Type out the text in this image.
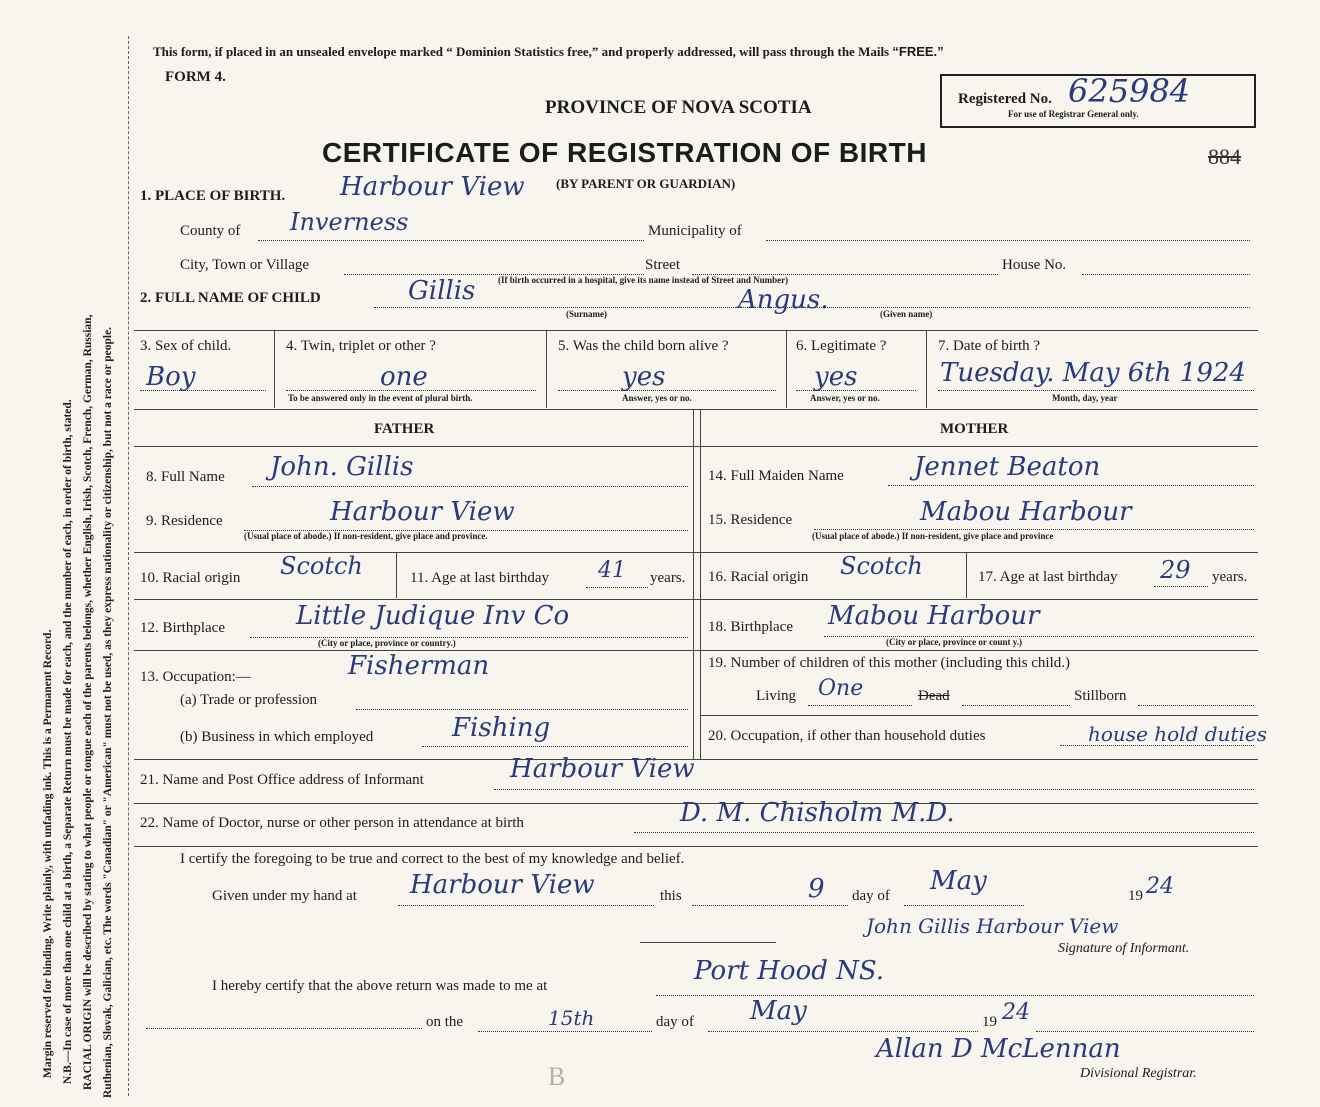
Margin reserved for binding. Write plainly, with unfading ink. This is a Permanent Record. N.B.—In case of more than one child at a birth, a Separate Return must be made for each, and the number of each, in order of birth, stated. RACIAL ORIGIN will be described by stating to what people or tongue each of the parents belongs, whether English, Irish, Scotch, French, German, Russian, Ruthenian, Slovak, Galician, etc. The words "Canadian" or "American" must not be used, as they express nationality or citizenship, but not a race or people.
This form, if placed in an unsealed envelope marked “ Dominion Statistics free,” and properly addressed, will pass through the Mails “FREE.”
FORM 4.
PROVINCE OF NOVA SCOTIA
CERTIFICATE OF REGISTRATION OF BIRTH
Registered No. 625984
For use of Registrar General only.
884
1. PLACE OF BIRTH. Harbour View (BY PARENT OR GUARDIAN)
County of Inverness	Municipality of
City, Town or Village	Street	House No.
(If birth occurred in a hospital, give its name instead of Street and Number)
2. FULL NAME OF CHILD	Gillis	Angus.
(Surname)	(Given name)
3. Sex of child.
Boy
4. Twin, triplet or other ?
one
To be answered only in the event of plural birth.
5. Was the child born alive ?
yes
Answer, yes or no.
6. Legitimate ?
yes
Answer, yes or no.
7. Date of birth ?
Tuesday. May 6th 1924
Month, day, year
FATHER	MOTHER
8. Full Name John. Gillis	14. Full Maiden Name	Jennet Beaton
9. Residence	Harbour View
(Usual place of abode.) If non-resident, give place and province.
15. Residence	Mabou Harbour
(Usual place of abode.) If non-resident, give place and province
10. Racial origin Scotch	11. Age at last birthday 41 years. 16. Racial origin Scotch	17. Age at last birthday 29 years.
12. Birthplace	Little Judique Inv Co
(City or place, province or country.)
18. Birthplace Mabou Harbour
(City or place, province or count y.)
13. Occupation:—	Fisherman
(a) Trade or profession
(b) Business in which employed	Fishing
19. Number of children of this mother (including this child.)
Living One	Dead	Stillborn
20. Occupation, if other than household duties	house hold duties
21. Name and Post Office address of Informant	Harbour View
22. Name of Doctor, nurse or other person in attendance at birth	D. M. Chisholm M.D.
I certify the foregoing to be true and correct to the best of my knowledge and belief.
Given under my hand at Harbour View	this	9 day of May	19 24
John Gillis Harbour View
Signature of Informant.
I hereby certify that the above return was made to me at	Port Hood NS.
on the	15th	day of May	19 24
Allan D McLennan
Divisional Registrar.
B
